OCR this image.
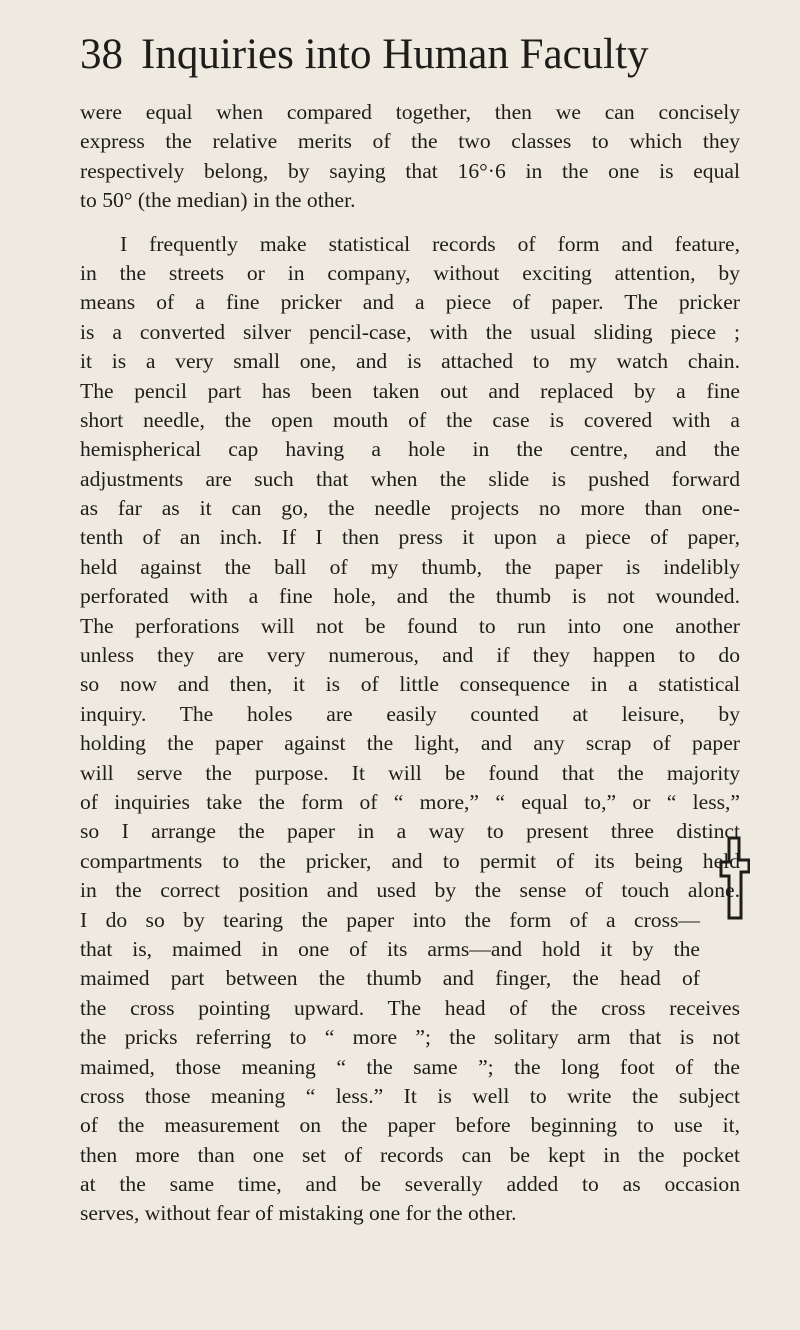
38 Inquiries into Human Faculty
were equal when compared together, then we can concisely
express the relative merits of the two classes to which they
respectively belong, by saying that 16°·6 in the one is equal
to 50° (the median) in the other.
I frequently make statistical records of form and feature,
in the streets or in company, without exciting attention, by
means of a fine pricker and a piece of paper. The pricker
is a converted silver pencil-case, with the usual sliding piece ;
it is a very small one, and is attached to my watch chain.
The pencil part has been taken out and replaced by a fine
short needle, the open mouth of the case is covered with a
hemispherical cap having a hole in the centre, and the
adjustments are such that when the slide is pushed forward
as far as it can go, the needle projects no more than one-
tenth of an inch. If I then press it upon a piece of paper,
held against the ball of my thumb, the paper is indelibly
perforated with a fine hole, and the thumb is not wounded.
The perforations will not be found to run into one another
unless they are very numerous, and if they happen to do
so now and then, it is of little consequence in a statistical
inquiry. The holes are easily counted at leisure, by
holding the paper against the light, and any scrap of paper
will serve the purpose. It will be found that the majority
of inquiries take the form of “ more,” “ equal to,” or “ less,”
so I arrange the paper in a way to present three distinct
compartments to the pricker, and to permit of its being held
in the correct position and used by the sense of touch alone.
I do so by tearing the paper into the form of a cross—
that is, maimed in one of its arms—and hold it by the
maimed part between the thumb and finger, the head of
the cross pointing upward. The head of the cross receives
the pricks referring to “ more ”; the solitary arm that is not
maimed, those meaning “ the same ”; the long foot of the
cross those meaning “ less.” It is well to write the subject
of the measurement on the paper before beginning to use it,
then more than one set of records can be kept in the pocket
at the same time, and be severally added to as occasion
serves, without fear of mistaking one for the other.
